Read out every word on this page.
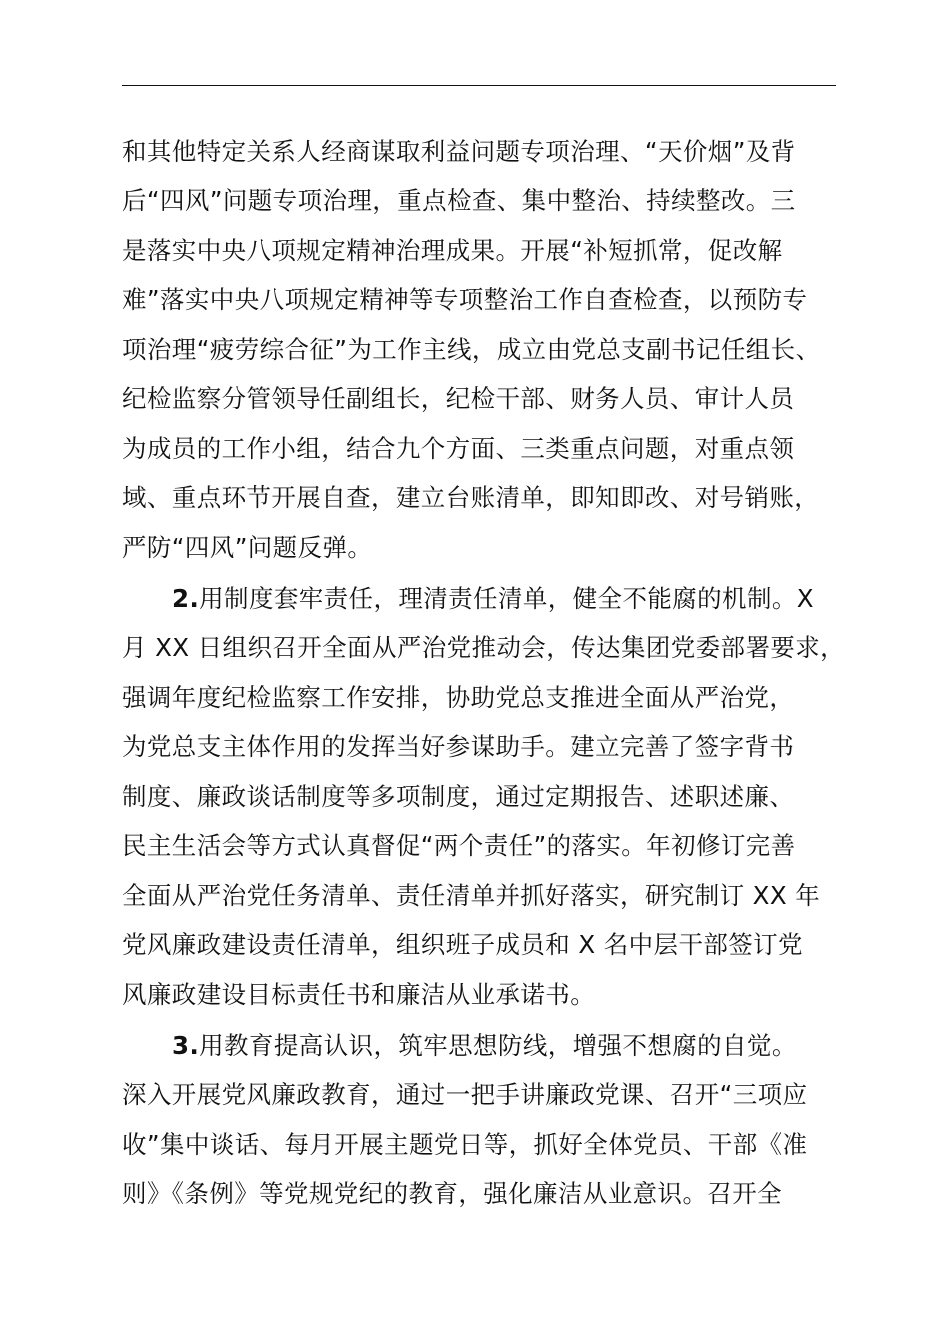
和其他特定关系人经商谋取利益问题专项治理、“天价烟”及背
后“四风”问题专项治理，重点检查、集中整治、持续整改。三
是落实中央八项规定精神治理成果。开展“补短抓常，促改解
难”落实中央八项规定精神等专项整治工作自查检查，以预防专
项治理“疲劳综合征”为工作主线，成立由党总支副书记任组长、
纪检监察分管领导任副组长，纪检干部、财务人员、审计人员
为成员的工作小组，结合九个方面、三类重点问题，对重点领
域、重点环节开展自查，建立台账清单，即知即改、对号销账，
严防“四风”问题反弹。
2.用制度套牢责任，理清责任清单，健全不能腐的机制。X
月 XX 日组织召开全面从严治党推动会，传达集团党委部署要求，
强调年度纪检监察工作安排，协助党总支推进全面从严治党，
为党总支主体作用的发挥当好参谋助手。建立完善了签字背书
制度、廉政谈话制度等多项制度，通过定期报告、述职述廉、
民主生活会等方式认真督促“两个责任”的落实。年初修订完善
全面从严治党任务清单、责任清单并抓好落实，研究制订 XX 年
党风廉政建设责任清单，组织班子成员和 X 名中层干部签订党
风廉政建设目标责任书和廉洁从业承诺书。
3.用教育提高认识，筑牢思想防线，增强不想腐的自觉。
深入开展党风廉政教育，通过一把手讲廉政党课、召开“三项应
收”集中谈话、每月开展主题党日等，抓好全体党员、干部《准
则》《条例》等党规党纪的教育，强化廉洁从业意识。召开全
